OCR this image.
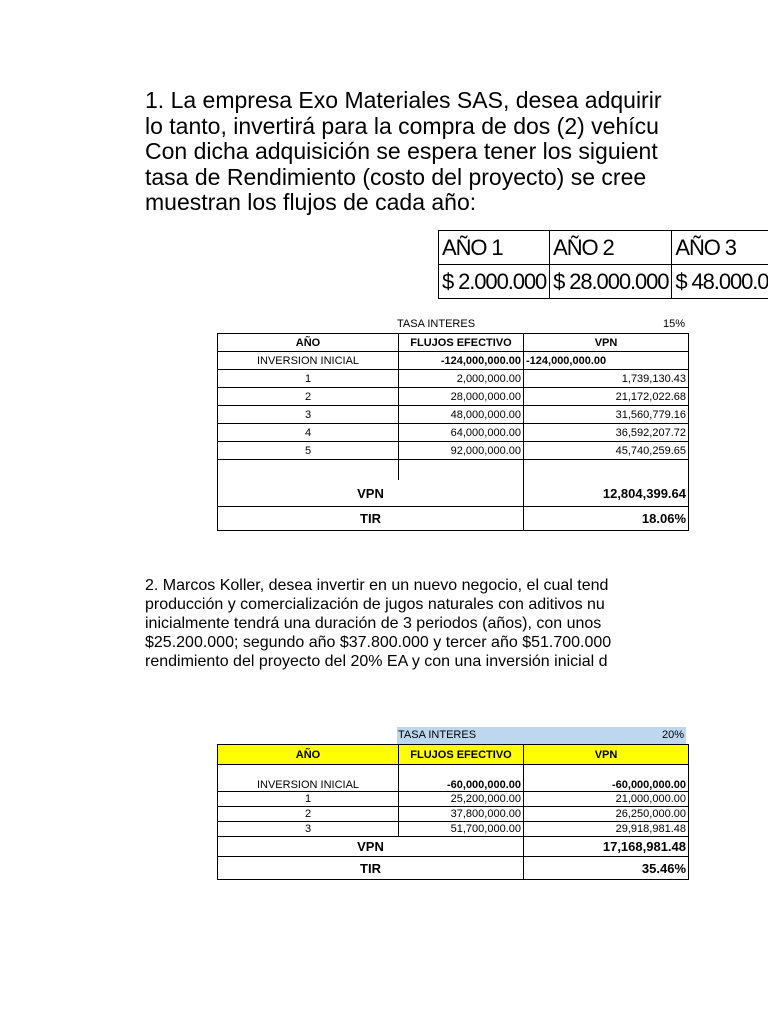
1. La empresa Exo Materiales SAS, desea adquirir
lo tanto, invertirá para la compra de dos (2) vehícu
Con dicha adquisición se espera tener los siguient
tasa de Rendimiento (costo del proyecto) se cree
muestran los flujos de cada año:
AÑO 1	AÑO 2	AÑO 3
$ 2.000.000	$ 28.000.000	$ 48.000.0
TASA INTERES	15%
AÑO	FLUJOS EFECTIVO	VPN
INVERSION INICIAL	-124,000,000.00	-124,000,000.00
1	2,000,000.00	1,739,130.43
2	28,000,000.00	21,172,022.68
3	48,000,000.00	31,560,779.16
4	64,000,000.00	36,592,207.72
5	92,000,000.00	45,740,259.65

VPN		12,804,399.64
TIR		18.06%
2. Marcos Koller, desea invertir en un nuevo negocio, el cual tend
producción y comercialización de jugos naturales con aditivos nu
inicialmente tendrá una duración de 3 periodos (años), con unos
$25.200.000; segundo año $37.800.000 y tercer año $51.700.000
rendimiento del proyecto del 20% EA y con una inversión inicial d
TASA INTERES	20%
AÑO	FLUJOS EFECTIVO	VPN
INVERSION INICIAL	-60,000,000.00	-60,000,000.00
1	25,200,000.00	21,000,000.00
2	37,800,000.00	26,250,000.00
3	51,700,000.00	29,918,981.48
VPN		17,168,981.48
TIR		35.46%
